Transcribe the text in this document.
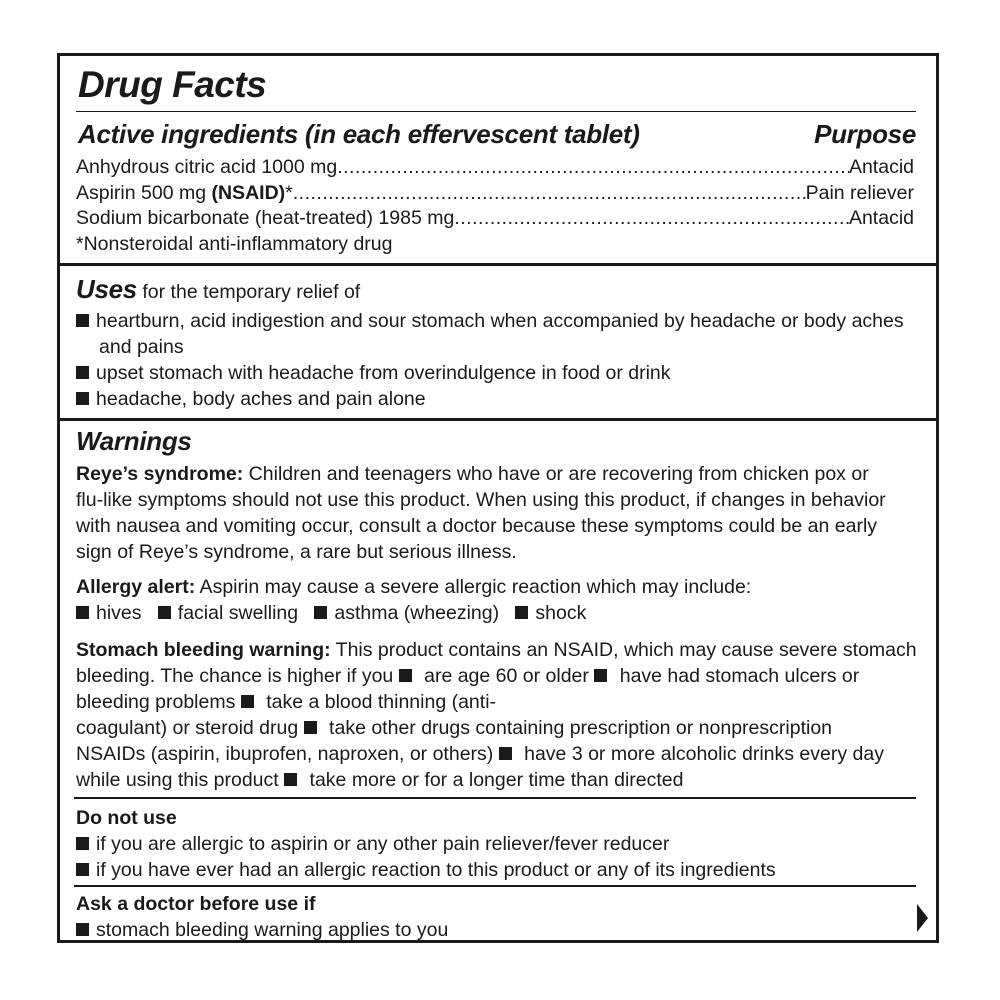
Drug Facts
Active ingredients (in each effervescent tablet)	Purpose
Anhydrous citric acid 1000 mg .....	Antacid
Aspirin 500 mg (NSAID)* .....	Pain reliever
Sodium bicarbonate (heat-treated) 1985 mg .....	Antacid
*Nonsteroidal anti-inflammatory drug
Uses for the temporary relief of
heartburn, acid indigestion and sour stomach when accompanied by headache or body aches
and pains
upset stomach with headache from overindulgence in food or drink
headache, body aches and pain alone
Warnings
Reye’s syndrome: Children and teenagers who have or are recovering from chicken pox or
flu-like symptoms should not use this product. When using this product, if changes in behavior
with nausea and vomiting occur, consult a doctor because these symptoms could be an early
sign of Reye’s syndrome, a rare but serious illness.
Allergy alert: Aspirin may cause a severe allergic reaction which may include:
hives facial swelling asthma (wheezing) shock
Stomach bleeding warning: This product contains an NSAID, which may cause severe stomach
bleeding. The chance is higher if you  are age 60 or older  have had stomach ulcers or
bleeding problems  take a blood thinning (anti-
coagulant) or steroid drug  take other drugs containing prescription or nonprescription
NSAIDs (aspirin, ibuprofen, naproxen, or others)  have 3 or more alcoholic drinks every day
while using this product  take more or for a longer time than directed
Do not use
if you are allergic to aspirin or any other pain reliever/fever reducer
if you have ever had an allergic reaction to this product or any of its ingredients
Ask a doctor before use if
stomach bleeding warning applies to you
